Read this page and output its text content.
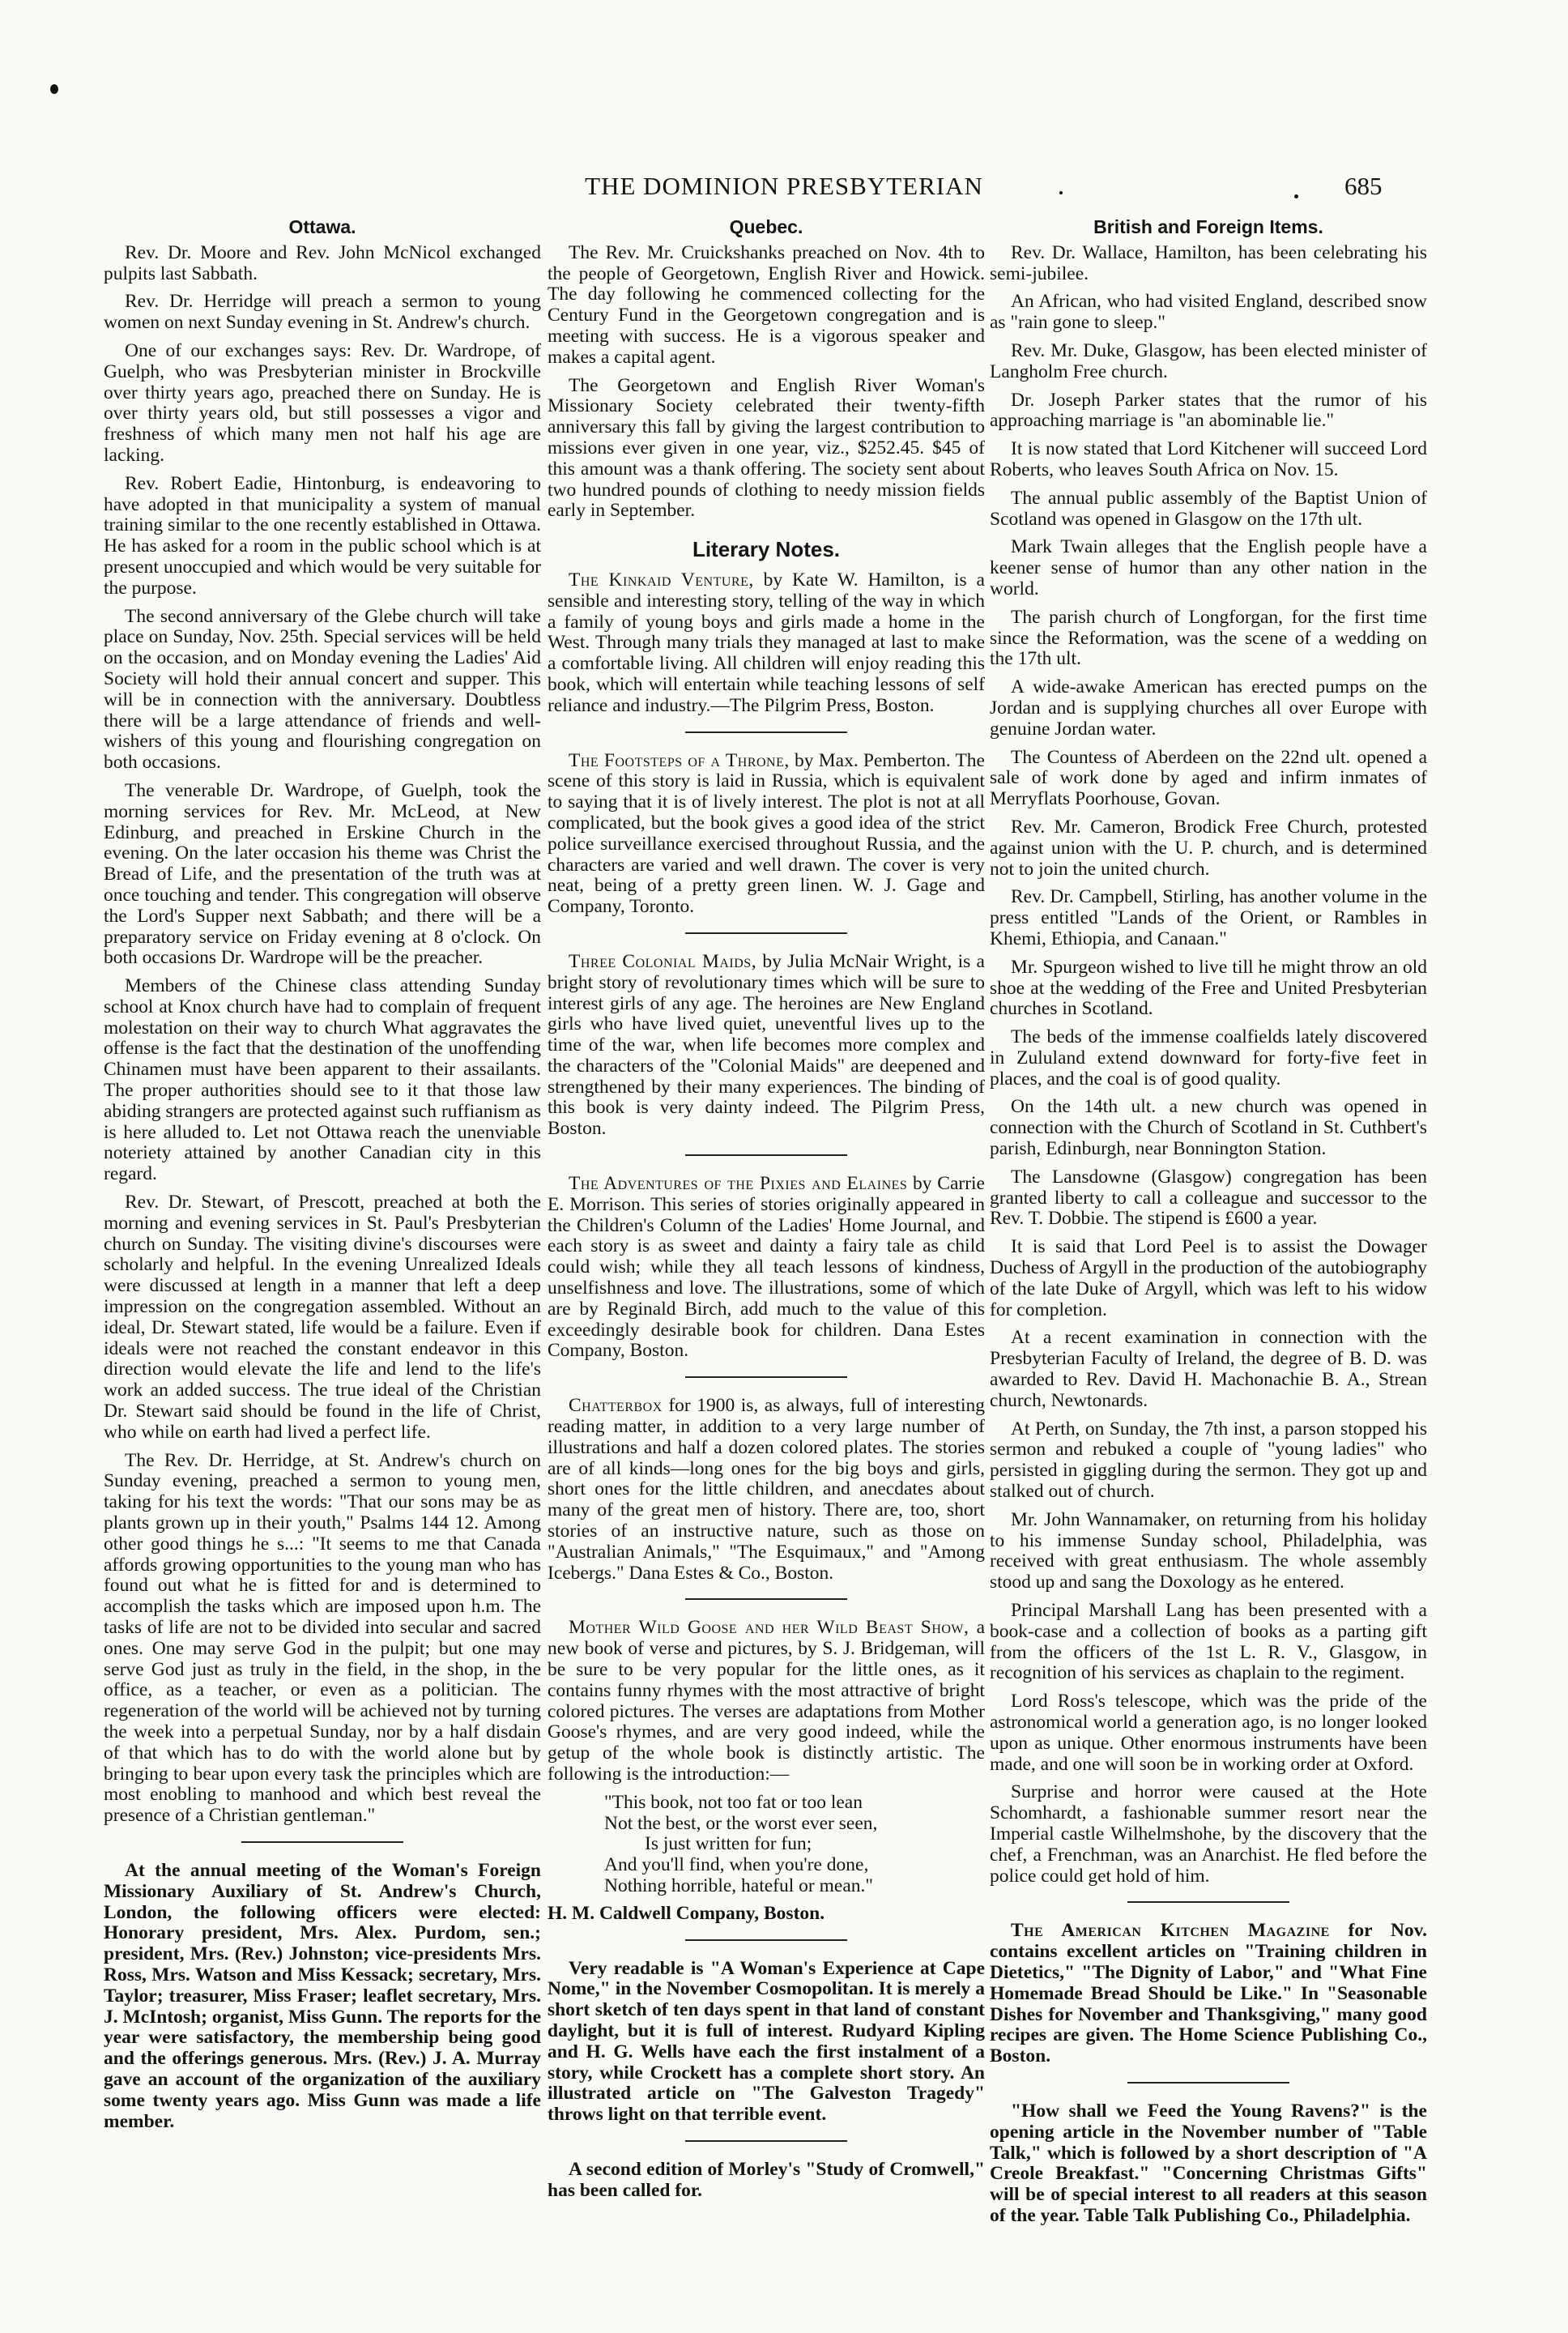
THE DOMINION PRESBYTERIAN	685
Ottawa.

Rev. Dr. Moore and Rev. John McNicol exchanged pulpits last Sabbath.

Rev. Dr. Herridge will preach a sermon to young women on next Sunday evening in St. Andrew's church.

One of our exchanges says: Rev. Dr. Wardrope, of Guelph, who was Presbyterian minister in Brockville over thirty years ago, preached there on Sunday. He is over thirty years old, but still possesses a vigor and freshness of which many men not half his age are lacking.

Rev. Robert Eadie, Hintonburg, is endeavoring to have adopted in that municipality a system of manual training similar to the one recently established in Ottawa. He has asked for a room in the public school which is at present unoccupied and which would be very suitable for the purpose.

The second anniversary of the Glebe church will take place on Sunday, Nov. 25th. Special services will be held on the occasion, and on Monday evening the Ladies' Aid Society will hold their annual concert and supper. This will be in connection with the anniversary. Doubtless there will be a large attendance of friends and well-wishers of this young and flourishing congregation on both occasions.

The venerable Dr. Wardrope, of Guelph, took the morning services for Rev. Mr. McLeod, at New Edinburg, and preached in Erskine Church in the evening. On the later occasion his theme was Christ the Bread of Life, and the presentation of the truth was at once touching and tender. This congregation will observe the Lord's Supper next Sabbath; and there will be a preparatory service on Friday evening at 8 o'clock. On both occasions Dr. Wardrope will be the preacher.

Members of the Chinese class attending Sunday school at Knox church have had to complain of frequent molestation on their way to church What aggravates the offense is the fact that the destination of the unoffending Chinamen must have been apparent to their assailants. The proper authorities should see to it that those law abiding strangers are protected against such ruffianism as is here alluded to. Let not Ottawa reach the unenviable noteriety attained by another Canadian city in this regard.

Rev. Dr. Stewart, of Prescott, preached at both the morning and evening services in St. Paul's Presbyterian church on Sunday. The visiting divine's discourses were scholarly and helpful. In the evening Unrealized Ideals were discussed at length in a manner that left a deep impression on the congregation assembled. Without an ideal, Dr. Stewart stated, life would be a failure. Even if ideals were not reached the constant endeavor in this direction would elevate the life and lend to the life's work an added success. The true ideal of the Christian Dr. Stewart said should be found in the life of Christ, who while on earth had lived a perfect life.

The Rev. Dr. Herridge, at St. Andrew's church on Sunday evening, preached a sermon to young men, taking for his text the words: "That our sons may be as plants grown up in their youth," Psalms 144 12. Among other good things he s...: "It seems to me that Canada affords growing opportunities to the young man who has found out what he is fitted for and is determined to accomplish the tasks which are imposed upon h.m. The tasks of life are not to be divided into secular and sacred ones. One may serve God in the pulpit; but one may serve God just as truly in the field, in the shop, in the office, as a teacher, or even as a politician. The regeneration of the world will be achieved not by turning the week into a perpetual Sunday, nor by a half disdain of that which has to do with the world alone but by bringing to bear upon every task the principles which are most enobling to manhood and which best reveal the presence of a Christian gentleman."

At the annual meeting of the Woman's Foreign Missionary Auxiliary of St. Andrew's Church, London, the following officers were elected: Honorary president, Mrs. Alex. Purdom, sen.; president, Mrs. (Rev.) Johnston; vice-presidents Mrs. Ross, Mrs. Watson and Miss Kessack; secretary, Mrs. Taylor; treasurer, Miss Fraser; leaflet secretary, Mrs. J. McIntosh; organist, Miss Gunn. The reports for the year were satisfactory, the membership being good and the offerings generous. Mrs. (Rev.) J. A. Murray gave an account of the organization of the auxiliary some twenty years ago. Miss Gunn was made a life member.

Quebec.

The Rev. Mr. Cruickshanks preached on Nov. 4th to the people of Georgetown, English River and Howick. The day following he commenced collecting for the Century Fund in the Georgetown congregation and is meeting with success. He is a vigorous speaker and makes a capital agent.

The Georgetown and English River Woman's Missionary Society celebrated their twenty-fifth anniversary this fall by giving the largest contribution to missions ever given in one year, viz., $252.45. $45 of this amount was a thank offering. The society sent about two hundred pounds of clothing to needy mission fields early in September.

Literary Notes.

The Kinkaid Venture, by Kate W. Hamilton, is a sensible and interesting story, telling of the way in which a family of young boys and girls made a home in the West. Through many trials they managed at last to make a comfortable living. All children will enjoy reading this book, which will entertain while teaching lessons of self reliance and industry.—The Pilgrim Press, Boston.

The Footsteps of a Throne, by Max. Pemberton. The scene of this story is laid in Russia, which is equivalent to saying that it is of lively interest. The plot is not at all complicated, but the book gives a good idea of the strict police surveillance exercised throughout Russia, and the characters are varied and well drawn. The cover is very neat, being of a pretty green linen. W. J. Gage and Company, Toronto.

Three Colonial Maids, by Julia McNair Wright, is a bright story of revolutionary times which will be sure to interest girls of any age. The heroines are New England girls who have lived quiet, uneventful lives up to the time of the war, when life becomes more complex and the characters of the "Colonial Maids" are deepened and strengthened by their many experiences. The binding of this book is very dainty indeed. The Pilgrim Press, Boston.

The Adventures of the Pixies and Elaines by Carrie E. Morrison. This series of stories originally appeared in the Children's Column of the Ladies' Home Journal, and each story is as sweet and dainty a fairy tale as child could wish; while they all teach lessons of kindness, unselfishness and love. The illustrations, some of which are by Reginald Birch, add much to the value of this exceedingly desirable book for children. Dana Estes Company, Boston.

Chatterbox for 1900 is, as always, full of interesting reading matter, in addition to a very large number of illustrations and half a dozen colored plates. The stories are of all kinds—long ones for the big boys and girls, short ones for the little children, and anecdates about many of the great men of history. There are, too, short stories of an instructive nature, such as those on "Australian Animals," "The Esquimaux," and "Among Icebergs." Dana Estes & Co., Boston.

Mother Wild Goose and her Wild Beast Show, a new book of verse and pictures, by S. J. Bridgeman, will be sure to be very popular for the little ones, as it contains funny rhymes with the most attractive of bright colored pictures. The verses are adaptations from Mother Goose's rhymes, and are very good indeed, while the getup of the whole book is distinctly artistic. The following is the introduction:—

"This book, not too fat or too lean
Not the best, or the worst ever seen,
Is just written for fun;
And you'll find, when you're done,
Nothing horrible, hateful or mean."

H. M. Caldwell Company, Boston.

Very readable is "A Woman's Experience at Cape Nome," in the November Cosmopolitan. It is merely a short sketch of ten days spent in that land of constant daylight, but it is full of interest. Rudyard Kipling and H. G. Wells have each the first instalment of a story, while Crockett has a complete short story. An illustrated article on "The Galveston Tragedy" throws light on that terrible event.

A second edition of Morley's "Study of Cromwell," has been called for.

British and Foreign Items.

Rev. Dr. Wallace, Hamilton, has been celebrating his semi-jubilee.

An African, who had visited England, described snow as "rain gone to sleep."

Rev. Mr. Duke, Glasgow, has been elected minister of Langholm Free church.

Dr. Joseph Parker states that the rumor of his approaching marriage is "an abominable lie."

It is now stated that Lord Kitchener will succeed Lord Roberts, who leaves South Africa on Nov. 15.

The annual public assembly of the Baptist Union of Scotland was opened in Glasgow on the 17th ult.

Mark Twain alleges that the English people have a keener sense of humor than any other nation in the world.

The parish church of Longforgan, for the first time since the Reformation, was the scene of a wedding on the 17th ult.

A wide-awake American has erected pumps on the Jordan and is supplying churches all over Europe with genuine Jordan water.

The Countess of Aberdeen on the 22nd ult. opened a sale of work done by aged and infirm inmates of Merryflats Poorhouse, Govan.

Rev. Mr. Cameron, Brodick Free Church, protested against union with the U. P. church, and is determined not to join the united church.

Rev. Dr. Campbell, Stirling, has another volume in the press entitled "Lands of the Orient, or Rambles in Khemi, Ethiopia, and Canaan."

Mr. Spurgeon wished to live till he might throw an old shoe at the wedding of the Free and United Presbyterian churches in Scotland.

The beds of the immense coalfields lately discovered in Zululand extend downward for forty-five feet in places, and the coal is of good quality.

On the 14th ult. a new church was opened in connection with the Church of Scotland in St. Cuthbert's parish, Edinburgh, near Bonnington Station.

The Lansdowne (Glasgow) congregation has been granted liberty to call a colleague and successor to the Rev. T. Dobbie. The stipend is £600 a year.

It is said that Lord Peel is to assist the Dowager Duchess of Argyll in the production of the autobiography of the late Duke of Argyll, which was left to his widow for completion.

At a recent examination in connection with the Presbyterian Faculty of Ireland, the degree of B. D. was awarded to Rev. David H. Machonachie B. A., Strean church, Newtonards.

At Perth, on Sunday, the 7th inst, a parson stopped his sermon and rebuked a couple of "young ladies" who persisted in giggling during the sermon. They got up and stalked out of church.

Mr. John Wannamaker, on returning from his holiday to his immense Sunday school, Philadelphia, was received with great enthusiasm. The whole assembly stood up and sang the Doxology as he entered.

Principal Marshall Lang has been presented with a book-case and a collection of books as a parting gift from the officers of the 1st L. R. V., Glasgow, in recognition of his services as chaplain to the regiment.

Lord Ross's telescope, which was the pride of the astronomical world a generation ago, is no longer looked upon as unique. Other enormous instruments have been made, and one will soon be in working order at Oxford.

Surprise and horror were caused at the Hote Schomhardt, a fashionable summer resort near the Imperial castle Wilhelmshohe, by the discovery that the chef, a Frenchman, was an Anarchist. He fled before the police could get hold of him.

The American Kitchen Magazine for Nov. contains excellent articles on "Training children in Dietetics," "The Dignity of Labor," and "What Fine Homemade Bread Should be Like." In "Seasonable Dishes for November and Thanksgiving," many good recipes are given. The Home Science Publishing Co., Boston.

"How shall we Feed the Young Ravens?" is the opening article in the November number of "Table Talk," which is followed by a short description of "A Creole Breakfast." "Concerning Christmas Gifts" will be of special interest to all readers at this season of the year. Table Talk Publishing Co., Philadelphia.
